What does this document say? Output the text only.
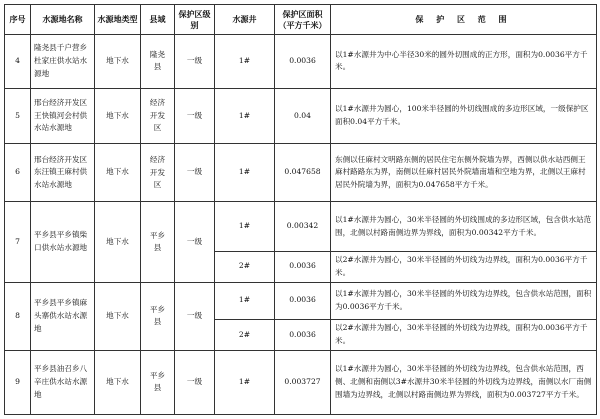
序号	水源地名称	水源地类型	县域	保护区级别	水源井	保护区面积（平方千米）	保 护 区 范 围
4	隆尧县千户营乡杜家庄供水站水源地	地下水	隆尧县	一级	1#	0.0036	以1#水源井为中心半径30米的圆外切围成的正方形，面积为0.0036平方千米。
5	邢台经济开发区王快镇河会村供水站水源地	地下水	经济开发区	一级	1#	0.04	以1#水源井为圆心，100米半径圆的外切线围成的多边形区域，一级保护区面积0.04平方千米。
6	邢台经济开发区东汪镇王麻村供水站水源地	地下水	经济开发区	一级	1#	0.047658	东侧以任麻村文明路东侧的居民住宅东侧外院墙为界，西侧以供水站西侧王麻村路路东为界，南侧以任麻村居民外院墙南墙和空地为界，北侧以王麻村居民外院墙为界，面积为0.047658平方千米。
7	平乡县平乡镇柴口供水站水源地	地下水	平乡县	一级	1#	0.00342	以1#水源井为圆心，30米半径圆的外切线围成的多边形区域，包含供水站范围，北侧以村路南侧边界为界线，面积为0.00342平方千米。
					2#	0.0036	以2#水源井为圆心，30米半径圆的外切线为边界线，面积为0.0036平方千米。
8	平乡县平乡镇麻头寨供水站水源地	地下水	平乡县	一级	1#	0.0036	以1#水源井为圆心，30米半径圆的外切线为边界线，包含供水站范围，面积为0.0036平方千米。
					2#	0.0036	以2#水源井为圆心，30米半径圆的外切线为边界线，面积为0.0036平方千米。
9	平乡县油召乡八辛庄供水站水源地	地下水	平乡县	一级	1#	0.003727	以1#水源井为圆心，30米半径圆的外切线为边界线，包含供水站范围，西侧、北侧和南侧以3#水源井30米半径圆的外切线为边界线，南侧以水厂南侧围墙为边界线，北侧以村路南侧边界为界线，面积为0.003727平方千米。
